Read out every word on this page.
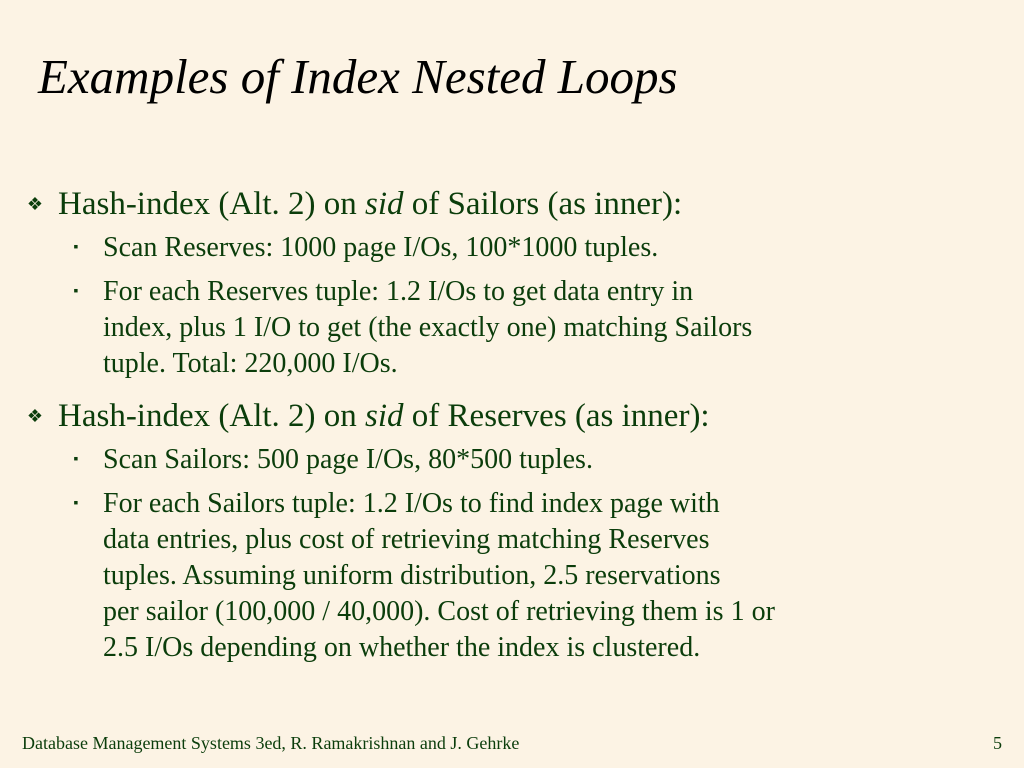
Examples of Index Nested Loops
❖ Hash-index (Alt. 2) on sid of Sailors (as inner):
▪ Scan Reserves: 1000 page I/Os, 100*1000 tuples.
▪ For each Reserves tuple: 1.2 I/Os to get data entry in
index, plus 1 I/O to get (the exactly one) matching Sailors
tuple. Total: 220,000 I/Os.
❖ Hash-index (Alt. 2) on sid of Reserves (as inner):
▪ Scan Sailors: 500 page I/Os, 80*500 tuples.
▪ For each Sailors tuple: 1.2 I/Os to find index page with
data entries, plus cost of retrieving matching Reserves
tuples. Assuming uniform distribution, 2.5 reservations
per sailor (100,000 / 40,000). Cost of retrieving them is 1 or
2.5 I/Os depending on whether the index is clustered.
Database Management Systems 3ed, R. Ramakrishnan and J. Gehrke	5
